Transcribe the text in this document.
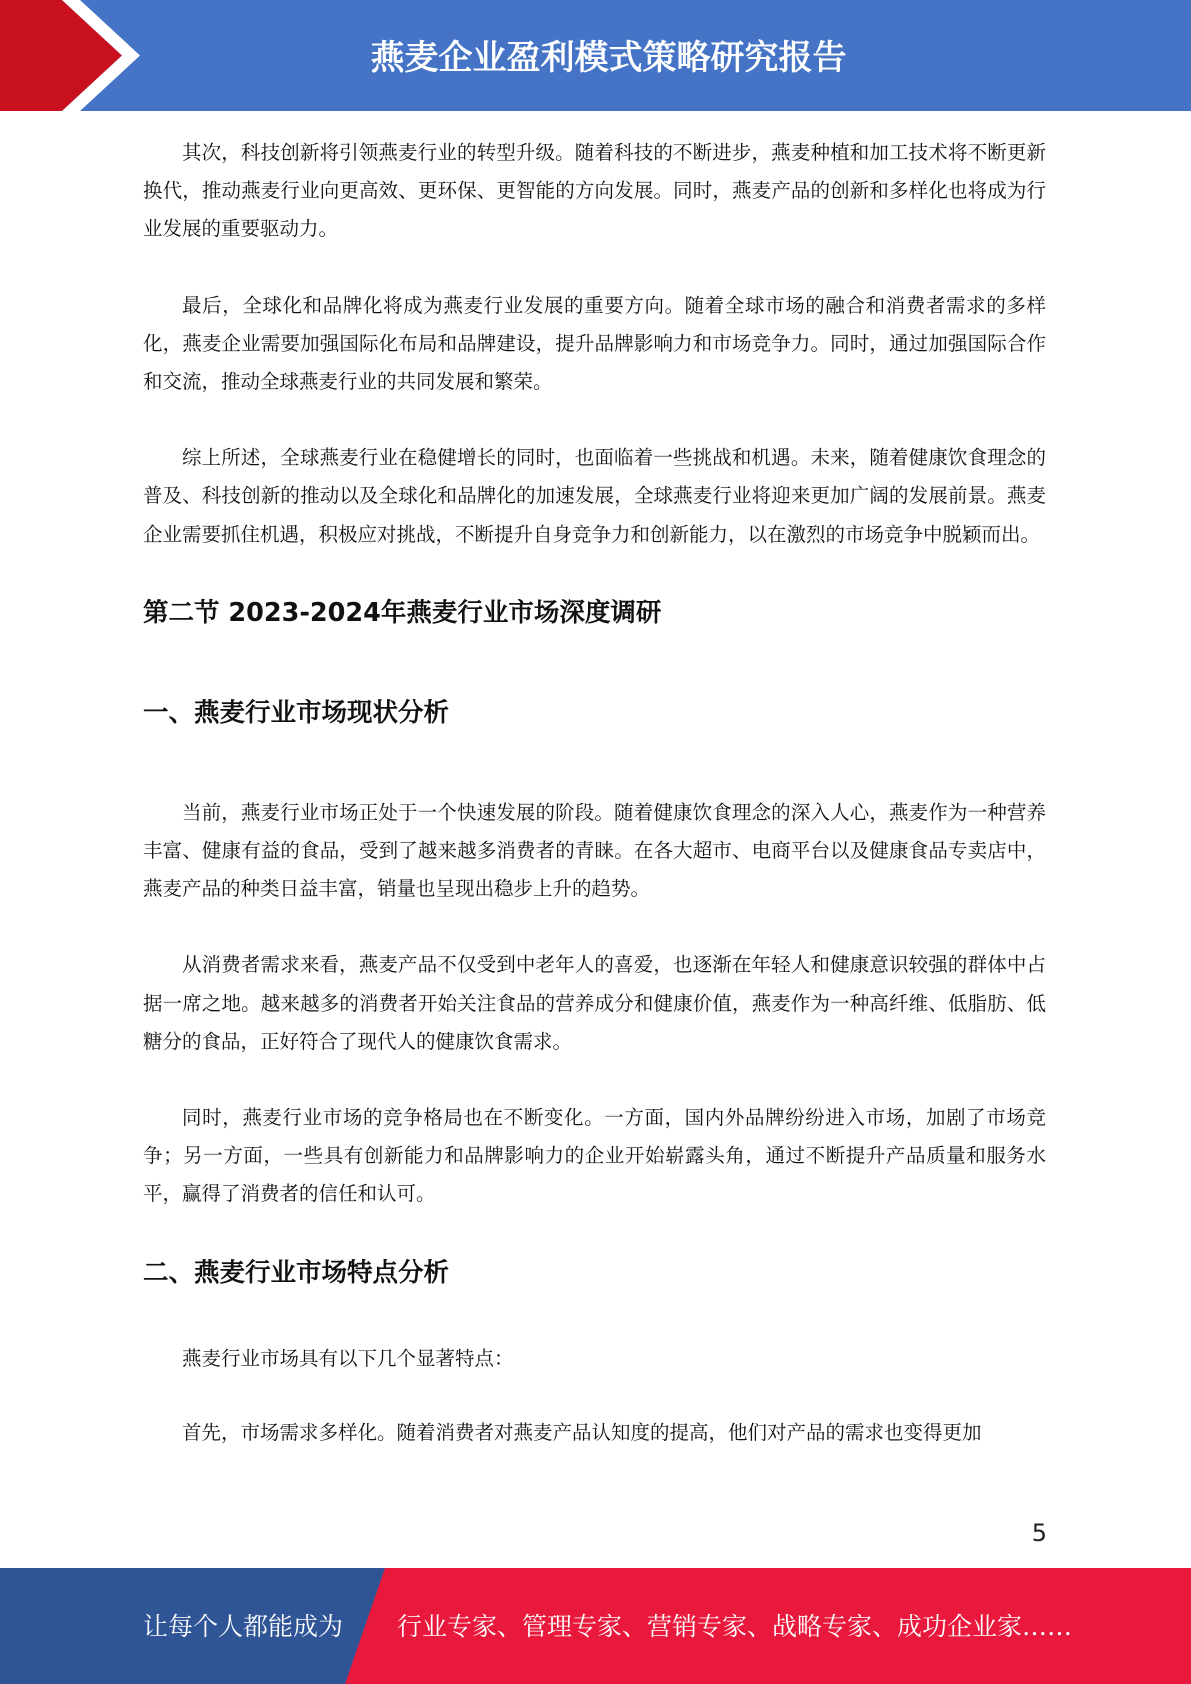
燕麦企业盈利模式策略研究报告

其次，科技创新将引领燕麦行业的转型升级。随着科技的不断进步，燕麦种植和加工技术将不断更新换代，推动燕麦行业向更高效、更环保、更智能的方向发展。同时，燕麦产品的创新和多样化也将成为行业发展的重要驱动力。

最后，全球化和品牌化将成为燕麦行业发展的重要方向。随着全球市场的融合和消费者需求的多样化，燕麦企业需要加强国际化布局和品牌建设，提升品牌影响力和市场竞争力。同时，通过加强国际合作和交流，推动全球燕麦行业的共同发展和繁荣。

综上所述，全球燕麦行业在稳健增长的同时，也面临着一些挑战和机遇。未来，随着健康饮食理念的普及、科技创新的推动以及全球化和品牌化的加速发展，全球燕麦行业将迎来更加广阔的发展前景。燕麦企业需要抓住机遇，积极应对挑战，不断提升自身竞争力和创新能力，以在激烈的市场竞争中脱颖而出。

第二节 2023-2024年燕麦行业市场深度调研
一、燕麦行业市场现状分析

当前，燕麦行业市场正处于一个快速发展的阶段。随着健康饮食理念的深入人心，燕麦作为一种营养丰富、健康有益的食品，受到了越来越多消费者的青睐。在各大超市、电商平台以及健康食品专卖店中，燕麦产品的种类日益丰富，销量也呈现出稳步上升的趋势。

从消费者需求来看，燕麦产品不仅受到中老年人的喜爱，也逐渐在年轻人和健康意识较强的群体中占据一席之地。越来越多的消费者开始关注食品的营养成分和健康价值，燕麦作为一种高纤维、低脂肪、低糖分的食品，正好符合了现代人的健康饮食需求。

同时，燕麦行业市场的竞争格局也在不断变化。一方面，国内外品牌纷纷进入市场，加剧了市场竞争；另一方面，一些具有创新能力和品牌影响力的企业开始崭露头角，通过不断提升产品质量和服务水平，赢得了消费者的信任和认可。

二、燕麦行业市场特点分析

燕麦行业市场具有以下几个显著特点：

首先，市场需求多样化。随着消费者对燕麦产品认知度的提高，他们对产品的需求也变得更加

5
让每个人都能成为 行业专家、管理专家、营销专家、战略专家、成功企业家……
